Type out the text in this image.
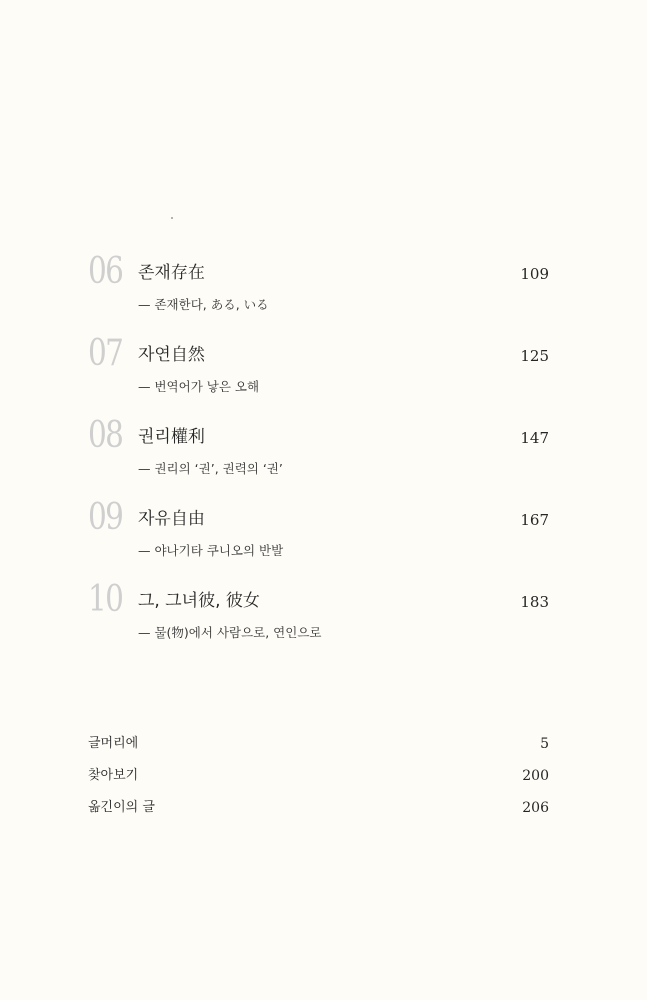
06 존재存在	109
— 존재한다, ある, いる
07 자연自然	125
— 번역어가 낳은 오해
08 권리權利	147
— 권리의 ‘권’, 권력의 ‘권’
09 자유自由	167
— 야나기타 쿠니오의 반발
10 그, 그녀彼, 彼女	183
— 물(物)에서 사람으로, 연인으로
글머리에	5
찾아보기	200
옮긴이의 글	206
